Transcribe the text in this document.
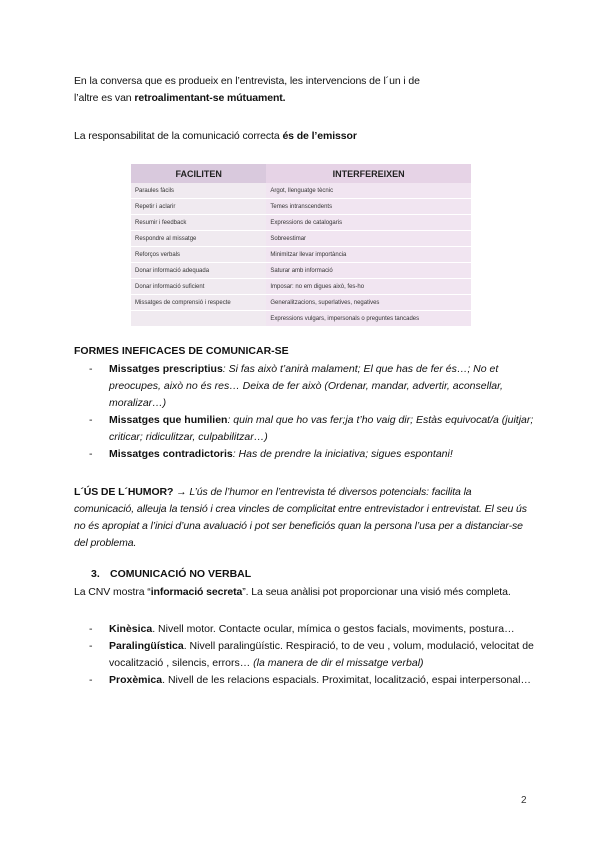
En la conversa que es produeix en l’entrevista, les intervencions de l´un i de
l’altre es van retroalimentant-se mútuament.
La responsabilitat de la comunicació correcta és de l’emissor
FACILITEN	INTERFEREIXEN
Paraules fàcils	Argot, llenguatge tècnic
Repetir i aclarir	Temes intranscendents
Resumir i feedback	Expressions de catalogaris
Respondre al missatge	Sobreestimar
Reforços verbals	Minimitzar llevar importància
Donar informació adequada	Saturar amb informació
Donar informació suficient	Imposar: no em digues això, fes-ho
Missatges de comprensió i respecte	Generalitzacions, superlatives, negatives
	Expressions vulgars, impersonals o preguntes tancades
FORMES INEFICACES DE COMUNICAR-SE
- Missatges prescriptius: Si fas això t’anirà malament; El que has de fer és…; No et preocupes, això no és res… Deixa de fer això (Ordenar, mandar, advertir, aconsellar, moralizar…)
- Missatges que humilien: quin mal que ho vas fer;ja t’ho vaig dir; Estàs equivocat/a (juitjar; criticar; ridiculitzar, culpabilitzar…)
- Missatges contradictoris: Has de prendre la iniciativa; sigues espontani!
L´ÚS DE L´HUMOR? → L’ús de l’humor en l’entrevista té diversos potencials: facilita la comunicació, alleuja la tensió i crea vincles de complicitat entre entrevistador i entrevistat. El seu ús no és apropiat a l’inici d’una avaluació i pot ser beneficiós quan la persona l’usa per a distanciar-se del problema.
3. COMUNICACIÓ NO VERBAL
La CNV mostra “informació secreta”. La seua anàlisi pot proporcionar una visió més completa.
- Kinèsica. Nivell motor. Contacte ocular, mímica o gestos facials, moviments, postura…
- Paralingüística. Nivell paralingüístic. Respiració, to de veu , volum, modulació, velocitat de vocalització , silencis, errors… (la manera de dir el missatge verbal)
- Proxèmica. Nivell de les relacions espacials. Proximitat, localització, espai interpersonal…
2
